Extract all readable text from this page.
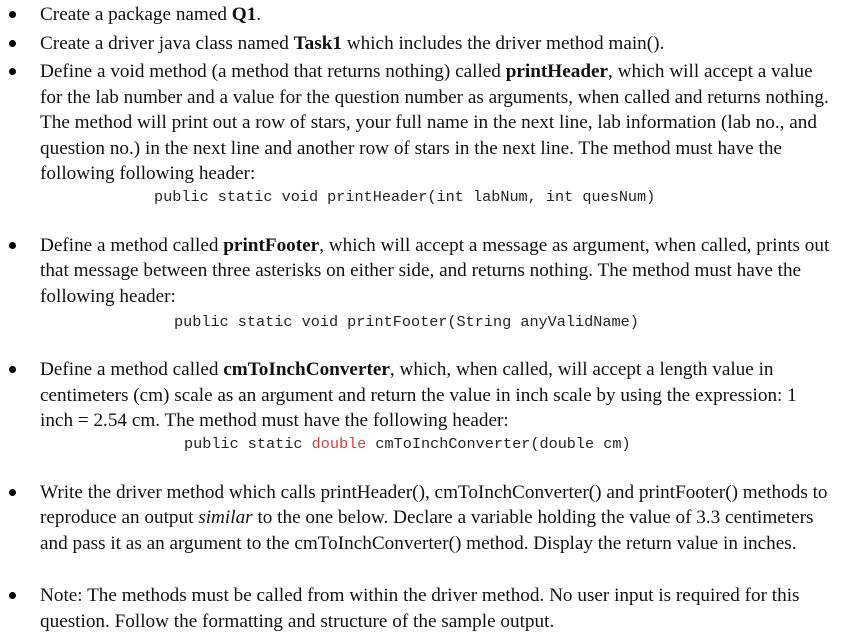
Create a package named Q1.
Create a driver java class named Task1 which includes the driver method main().
Define a void method (a method that returns nothing) called printHeader, which will accept a value for the lab number and a value for the question number as arguments, when called and returns nothing. The method will print out a row of stars, your full name in the next line, lab information (lab no., and question no.) in the next line and another row of stars in the next line. The method must have the following following header:
public static void printHeader(int labNum, int quesNum)
Define a method called printFooter, which will accept a message as argument, when called, prints out that message between three asterisks on either side, and returns nothing. The method must have the following header:
public static void printFooter(String anyValidName)
Define a method called cmToInchConverter, which, when called, will accept a length value in centimeters (cm) scale as an argument and return the value in inch scale by using the expression: 1 inch = 2.54 cm. The method must have the following header:
public static double cmToInchConverter(double cm)
Write the driver method which calls printHeader(), cmToInchConverter() and printFooter() methods to reproduce an output similar to the one below. Declare a variable holding the value of 3.3 centimeters and pass it as an argument to the cmToInchConverter() method. Display the return value in inches.
Note: The methods must be called from within the driver method. No user input is required for this question. Follow the formatting and structure of the sample output.
